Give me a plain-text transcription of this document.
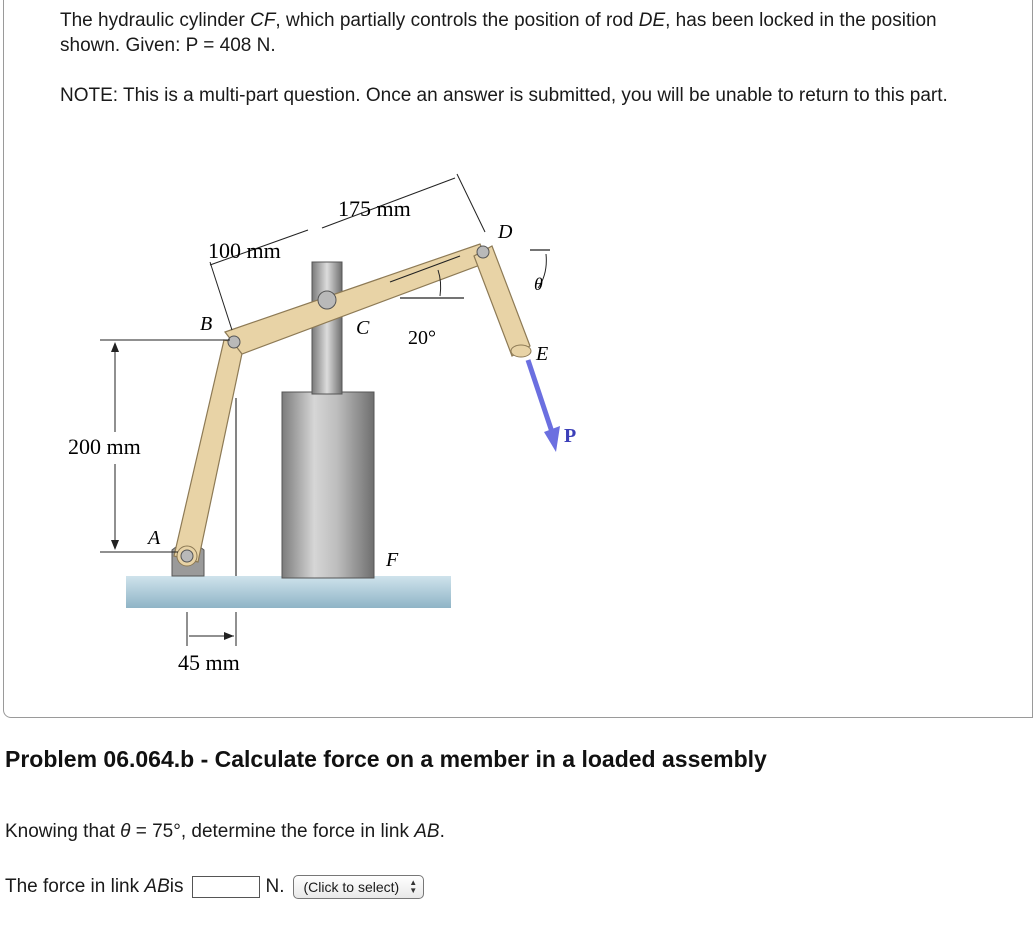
The hydraulic cylinder CF, which partially controls the position of rod DE, has been locked in the position shown. Given: P = 408 N.

NOTE: This is a multi-part question. Once an answer is submitted, you will be unable to return to this part.

175 mm
100 mm
200 mm
45 mm
A
B	C
D
E
F
P
θ
20°
Problem 06.064.b - Calculate force on a member in a loaded assembly

Knowing that θ = 75°, determine the force in link AB.

The force in link
AB is	N. (Click to select) ▲
▼
